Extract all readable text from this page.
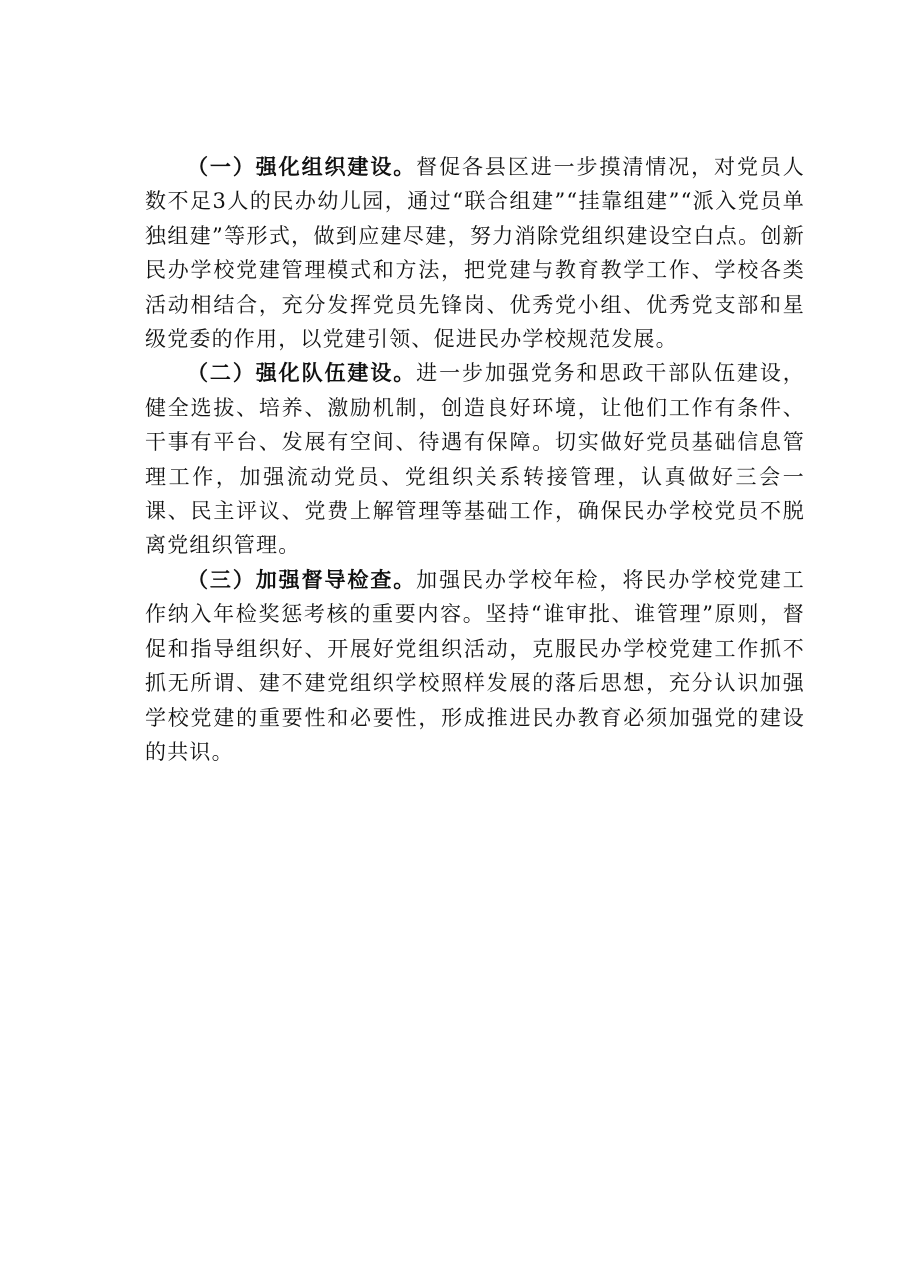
（一）强化组织建设。督促各县区进一步摸清情况，对党员人数不足3人的民办幼儿园，通过“联合组建”“挂靠组建”“派入党员单独组建”等形式，做到应建尽建，努力消除党组织建设空白点。创新民办学校党建管理模式和方法，把党建与教育教学工作、学校各类活动相结合，充分发挥党员先锋岗、优秀党小组、优秀党支部和星级党委的作用，以党建引领、促进民办学校规范发展。

（二）强化队伍建设。进一步加强党务和思政干部队伍建设，健全选拔、培养、激励机制，创造良好环境，让他们工作有条件、干事有平台、发展有空间、待遇有保障。切实做好党员基础信息管理工作，加强流动党员、党组织关系转接管理，认真做好三会一课、民主评议、党费上解管理等基础工作，确保民办学校党员不脱离党组织管理。

（三）加强督导检查。加强民办学校年检，将民办学校党建工作纳入年检奖惩考核的重要内容。坚持“谁审批、谁管理”原则，督促和指导组织好、开展好党组织活动，克服民办学校党建工作抓不抓无所谓、建不建党组织学校照样发展的落后思想，充分认识加强学校党建的重要性和必要性，形成推进民办教育必须加强党的建设的共识。
